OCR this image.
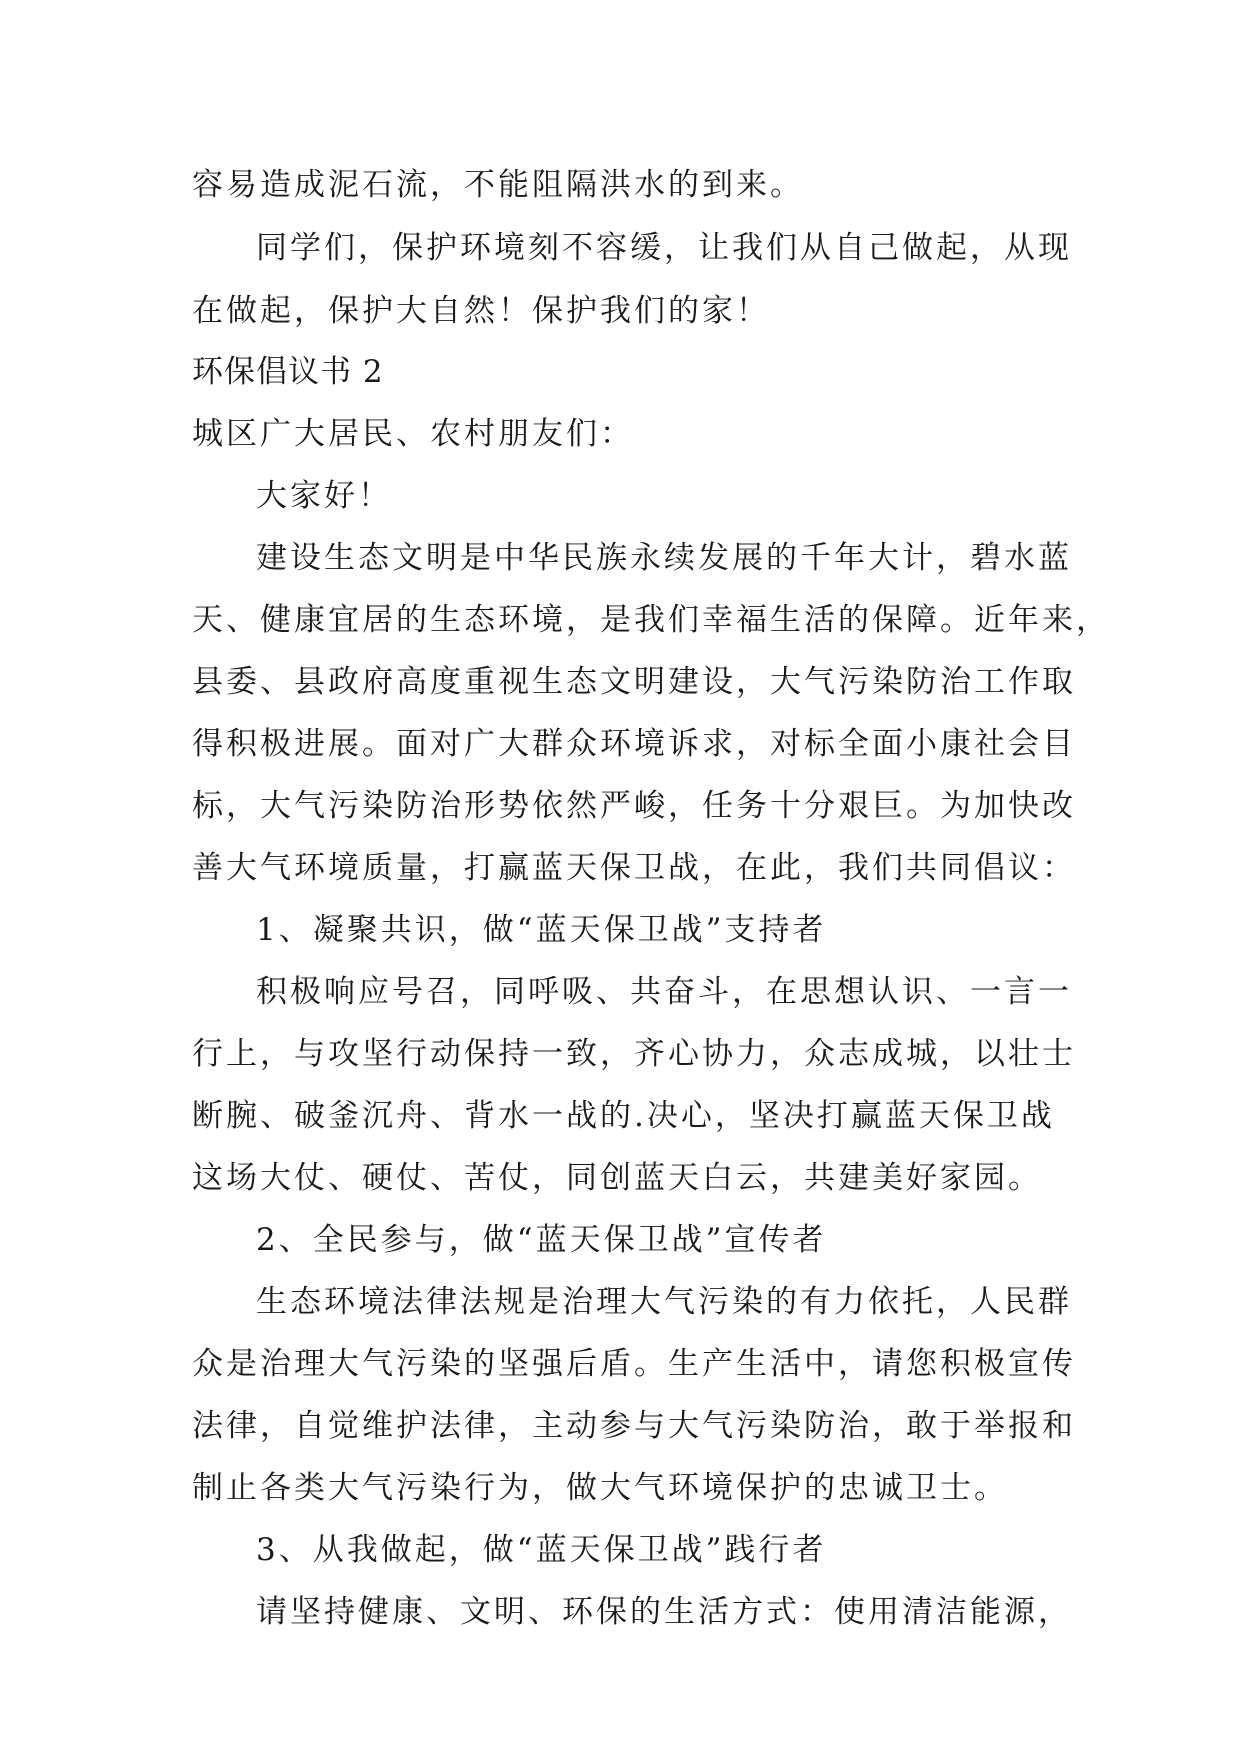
容易造成泥石流，不能阻隔洪水的到来。
同学们，保护环境刻不容缓，让我们从自己做起，从现
在做起，保护大自然！保护我们的家！
环保倡议书 2
城区广大居民、农村朋友们：
大家好！
建设生态文明是中华民族永续发展的千年大计，碧水蓝
天、健康宜居的生态环境，是我们幸福生活的保障。近年来，
县委、县政府高度重视生态文明建设，大气污染防治工作取
得积极进展。面对广大群众环境诉求，对标全面小康社会目
标，大气污染防治形势依然严峻，任务十分艰巨。为加快改
善大气环境质量，打赢蓝天保卫战，在此，我们共同倡议：
1、凝聚共识，做“蓝天保卫战”支持者
积极响应号召，同呼吸、共奋斗，在思想认识、一言一
行上，与攻坚行动保持一致，齐心协力，众志成城，以壮士
断腕、破釜沉舟、背水一战的.决心，坚决打赢蓝天保卫战
这场大仗、硬仗、苦仗，同创蓝天白云，共建美好家园。
2、全民参与，做“蓝天保卫战”宣传者
生态环境法律法规是治理大气污染的有力依托，人民群
众是治理大气污染的坚强后盾。生产生活中，请您积极宣传
法律，自觉维护法律，主动参与大气污染防治，敢于举报和
制止各类大气污染行为，做大气环境保护的忠诚卫士。
3、从我做起，做“蓝天保卫战”践行者
请坚持健康、文明、环保的生活方式：使用清洁能源，
